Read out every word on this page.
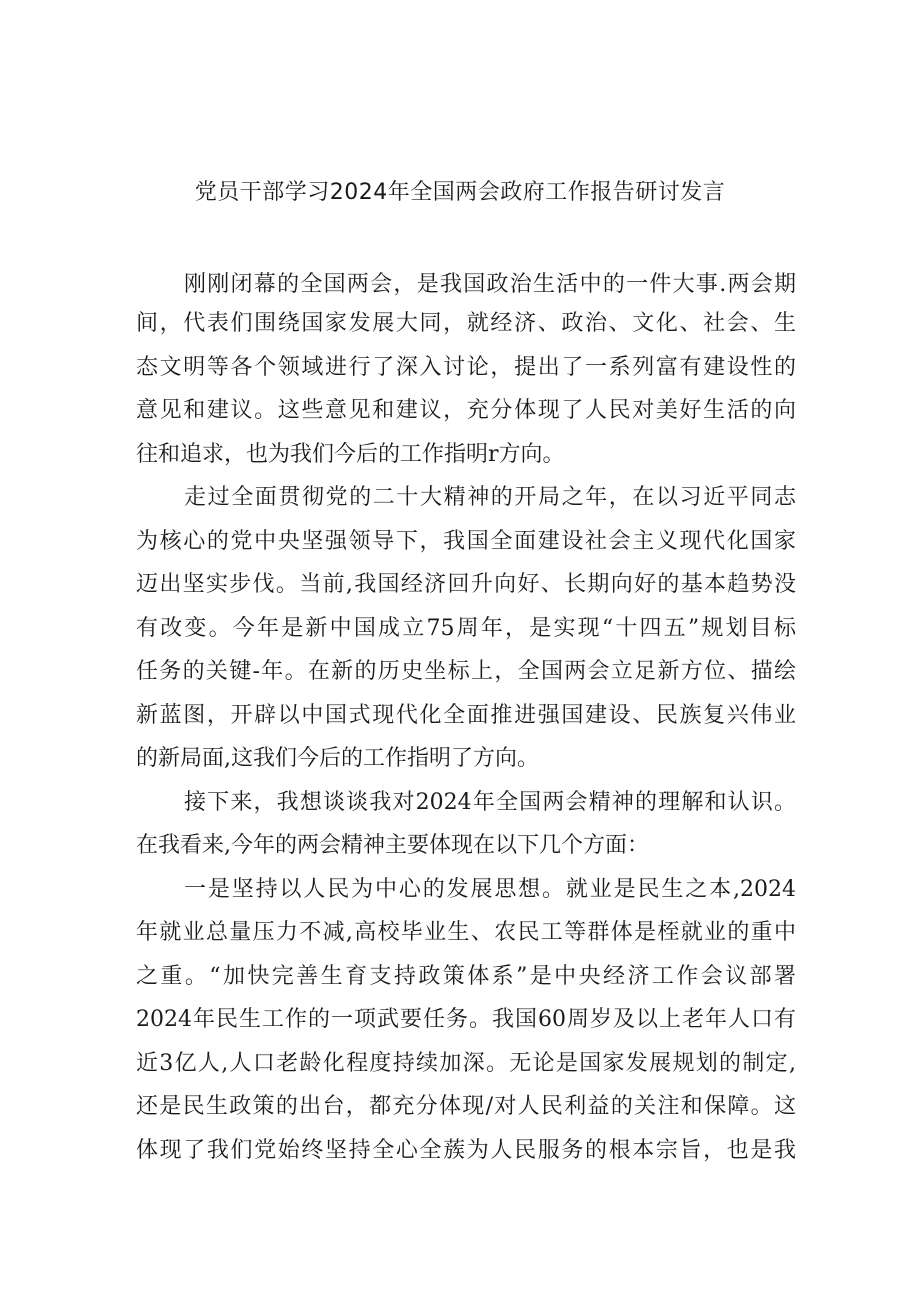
党员干部学习2024年全国两会政府工作报告研讨发言
刚刚闭幕的全国两会，是我国政治生活中的一件大事.两会期
间，代表们围绕国家发展大同，就经济、政治、文化、社会、生
态文明等各个领域进行了深入讨论，提出了一系列富有建设性的
意见和建议。这些意见和建议，充分体现了人民对美好生活的向
往和追求，也为我们今后的工作指明r方向。
走过全面贯彻党的二十大精神的开局之年，在以习近平同志
为核心的党中央坚强领导下，我国全面建设社会主义现代化国家
迈出坚实步伐。当前,我国经济回升向好、长期向好的基本趋势没
有改变。今年是新中国成立75周年，是实现“十四五”规划目标
任务的关键-年。在新的历史坐标上，全国两会立足新方位、描绘
新蓝图，开辟以中国式现代化全面推进强国建设、民族复兴伟业
的新局面,这我们今后的工作指明了方向。
接下来，我想谈谈我对2024年全国两会精神的理解和认识。
在我看来,今年的两会精神主要体现在以下几个方面：
一是坚持以人民为中心的发展思想。就业是民生之本,2024
年就业总量压力不减,高校毕业生、农民工等群体是桎就业的重中
之重。“加快完善生育支持政策体系”是中央经济工作会议部署
2024年民生工作的一项武要任务。我国60周岁及以上老年人口有
近3亿人,人口老龄化程度持续加深。无论是国家发展规划的制定,
还是民生政策的出台，都充分体现/对人民利益的关注和保障。这
体现了我们党始终坚持全心全蔟为人民服务的根本宗旨，也是我
